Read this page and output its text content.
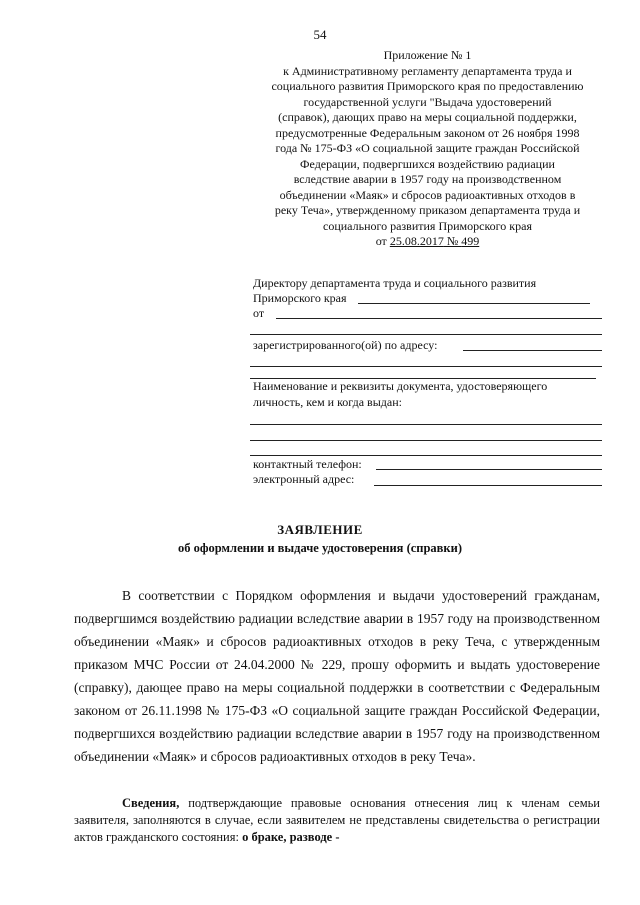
54
Приложение № 1
к Административному регламенту департамента труда и
социального развития Приморского края по предоставлению
государственной услуги "Выдача удостоверений
(справок), дающих право на меры социальной поддержки,
предусмотренные Федеральным законом от 26 ноября 1998
года № 175-ФЗ «О социальной защите граждан Российской
Федерации, подвергшихся воздействию радиации
вследствие аварии в 1957 году на производственном
объединении «Маяк» и сбросов радиоактивных отходов в
реку Теча», утвержденному приказом департамента труда и
социального развития Приморского края
от 25.08.2017 № 499
Директору департамента труда и социального развития
Приморского края
от
зарегистрированного(ой) по адресу:
Наименование и реквизиты документа, удостоверяющего
личность, кем и когда выдан:
контактный телефон:
электронный адрес:
ЗАЯВЛЕНИЕ
об оформлении и выдаче удостоверения (справки)

В соответствии с Порядком оформления и выдачи удостоверений гражданам, подвергшимся воздействию радиации вследствие аварии в 1957 году на производственном объединении «Маяк» и сбросов радиоактивных отходов в реку Теча, с утвержденным приказом МЧС России от 24.04.2000 № 229, прошу оформить и выдать удостоверение (справку), дающее право на меры социальной поддержки в соответствии с Федеральным законом от 26.11.1998 № 175-ФЗ «О социальной защите граждан Российской Федерации, подвергшихся воздействию радиации вследствие аварии в 1957 году на производственном объединении «Маяк» и сбросов радиоактивных отходов в реку Теча».

Сведения, подтверждающие правовые основания отнесения лиц к членам семьи заявителя, заполняются в случае, если заявителем не представлены свидетельства о регистрации актов гражданского состояния: о браке, разводе -
